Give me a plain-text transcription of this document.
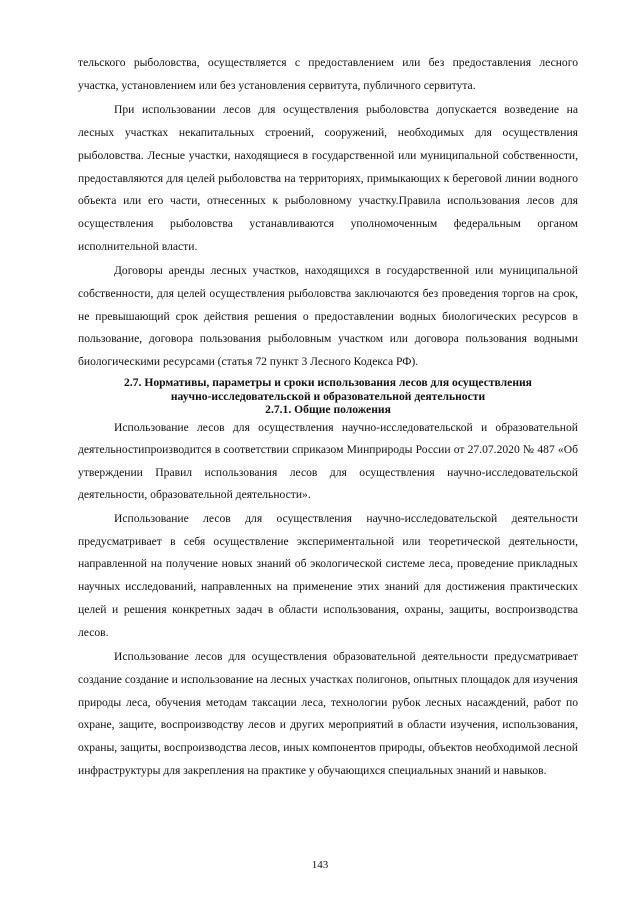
тельского рыболовства, осуществляется с предоставлением или без предоставления лесного участка, установлением или без установления сервитута, публичного сервитута.

При использовании лесов для осуществления рыболовства допускается возведение на лесных участках некапитальных строений, сооружений, необходимых для осуществления рыболовства. Лесные участки, находящиеся в государственной или муниципальной собственности, предоставляются для целей рыболовства на территориях, примыкающих к береговой линии водного объекта или его части, отнесенных к рыболовному участку.Правила использования лесов для осуществления рыболовства устанавливаются уполномоченным федеральным органом исполнительной власти.

Договоры аренды лесных участков, находящихся в государственной или муниципальной собственности, для целей осуществления рыболовства заключаются без проведения торгов на срок, не превышающий срок действия решения о предоставлении водных биологических ресурсов в пользование, договора пользования рыболовным участком или договора пользования водными биологическими ресурсами (статья 72 пункт 3 Лесного Кодекса РФ).

2.7. Нормативы, параметры и сроки использования лесов для осуществления

научно-исследовательской и образовательной деятельности

2.7.1. Общие положения

Использование лесов для осуществления научно-исследовательской и образовательной деятельностипроизводится в соответствии сприказом Минприроды России от 27.07.2020 № 487 «Об утверждении Правил использования лесов для осуществления научно-исследовательской деятельности, образовательной деятельности».

Использование лесов для осуществления научно-исследовательской деятельности предусматривает в себя осуществление экспериментальной или теоретической деятельности, направленной на получение новых знаний об экологической системе леса, проведение прикладных научных исследований, направленных на применение этих знаний для достижения практических целей и решения конкретных задач в области использования, охраны, защиты, воспроизводства лесов.

Использование лесов для осуществления образовательной деятельности предусматривает создание создание и использование на лесных участках полигонов, опытных площадок для изучения природы леса, обучения методам таксации леса, технологии рубок лесных насаждений, работ по охране, защите, воспроизводству лесов и других мероприятий в области изучения, использования, охраны, защиты, воспроизводства лесов, иных компонентов природы, объектов необходимой лесной инфраструктуры для закрепления на практике у обучающихся специальных знаний и навыков.

143
